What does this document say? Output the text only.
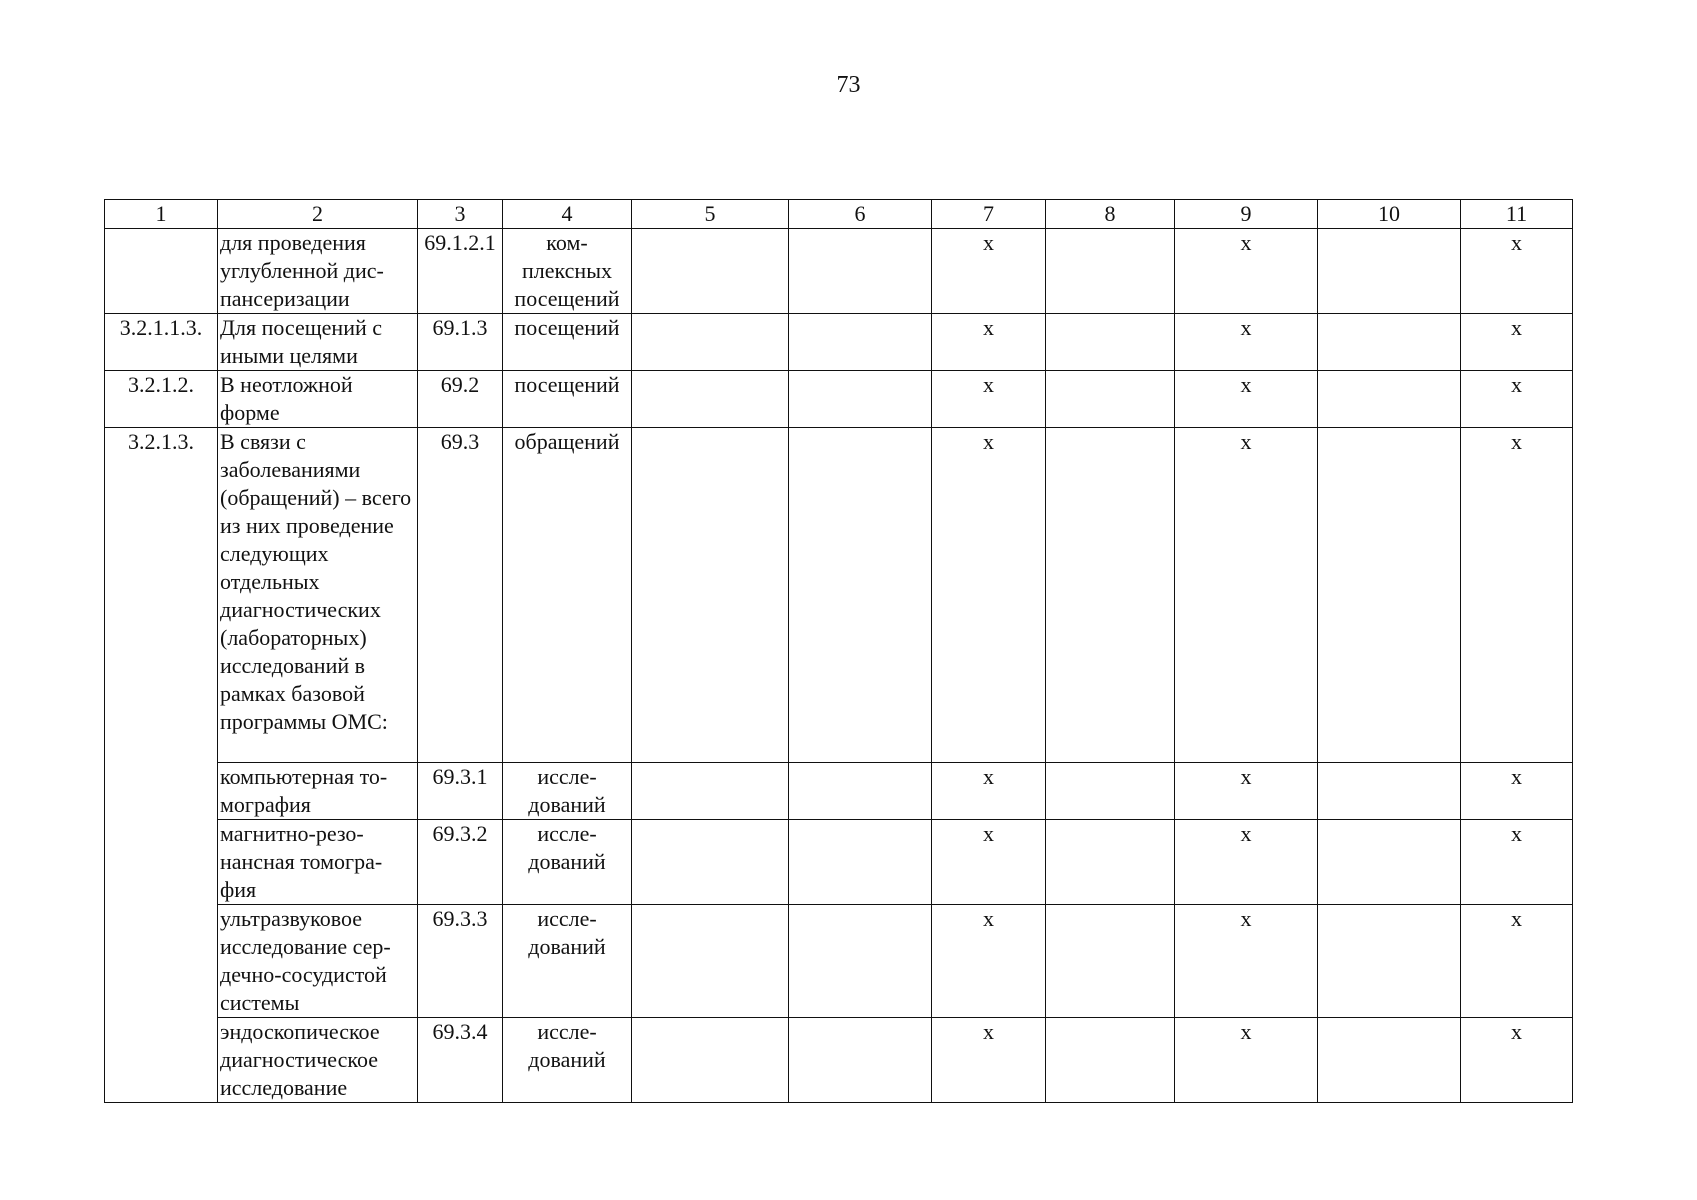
73
1	2	3	4	5	6	7	8	9	10	11
	для проведения углубленной дис- пансеризации	69.1.2.1	ком- плексных посещений			x		x		x
3.2.1.1.3.	Для посещений с иными целями	69.1.3	посещений			x		x		x
3.2.1.2.	В неотложной форме	69.2	посещений			x		x		x
3.2.1.3.	В связи с заболеваниями (обращений) – всего из них проведение следующих отдельных диагностических (лабораторных) исследований в рамках базовой программы ОМС:	69.3	обращений			x		x		x
	компьютерная то- мография	69.3.1	иссле- дований			x		x		x
	магнитно-резо- нансная томогра- фия	69.3.2	иссле- дований			x		x		x
	ультразвуковое исследование сер- дечно-сосудистой системы	69.3.3	иссле- дований			x		x		x
	эндоскопическое диагностическое исследование	69.3.4	иссле- дований			x		x		x
